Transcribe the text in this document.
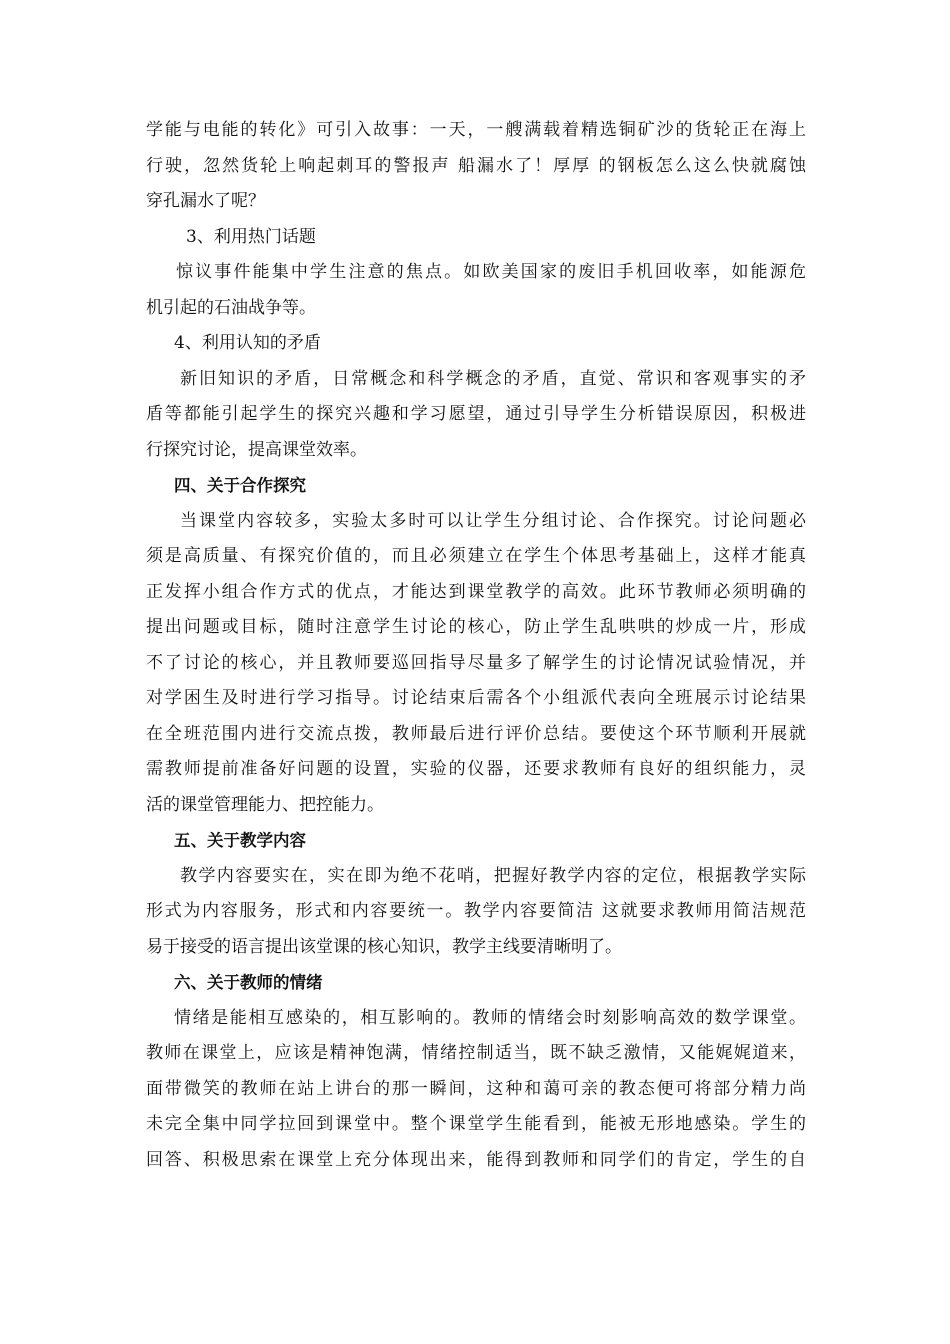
学能与电能的转化》可引入故事：一天，一艘满载着精选铜矿沙的货轮正在海上
行驶，忽然货轮上响起刺耳的警报声 船漏水了！厚厚 的钢板怎么这么快就腐蚀
穿孔漏水了呢？
3、利用热门话题
惊议事件能集中学生注意的焦点。如欧美国家的废旧手机回收率，如能源危
机引起的石油战争等。
4、利用认知的矛盾
新旧知识的矛盾，日常概念和科学概念的矛盾，直觉、常识和客观事实的矛
盾等都能引起学生的探究兴趣和学习愿望，通过引导学生分析错误原因，积极进
行探究讨论，提高课堂效率。
四、关于合作探究
当课堂内容较多，实验太多时可以让学生分组讨论、合作探究。讨论问题必
须是高质量、有探究价值的，而且必须建立在学生个体思考基础上，这样才能真
正发挥小组合作方式的优点，才能达到课堂教学的高效。此环节教师必须明确的
提出问题或目标，随时注意学生讨论的核心，防止学生乱哄哄的炒成一片，形成
不了讨论的核心，并且教师要巡回指导尽量多了解学生的讨论情况试验情况，并
对学困生及时进行学习指导。讨论结束后需各个小组派代表向全班展示讨论结果
在全班范围内进行交流点拨，教师最后进行评价总结。要使这个环节顺利开展就
需教师提前准备好问题的设置，实验的仪器，还要求教师有良好的组织能力，灵
活的课堂管理能力、把控能力。
五、关于教学内容
教学内容要实在，实在即为绝不花哨，把握好教学内容的定位，根据教学实际
形式为内容服务，形式和内容要统一。教学内容要简洁 这就要求教师用简洁规范
易于接受的语言提出该堂课的核心知识，教学主线要清晰明了。
六、关于教师的情绪
情绪是能相互感染的，相互影响的。教师的情绪会时刻影响高效的数学课堂。
教师在课堂上，应该是精神饱满，情绪控制适当，既不缺乏激情，又能娓娓道来，
面带微笑的教师在站上讲台的那一瞬间，这种和蔼可亲的教态便可将部分精力尚
未完全集中同学拉回到课堂中。整个课堂学生能看到，能被无形地感染。学生的
回答、积极思索在课堂上充分体现出来，能得到教师和同学们的肯定，学生的自
